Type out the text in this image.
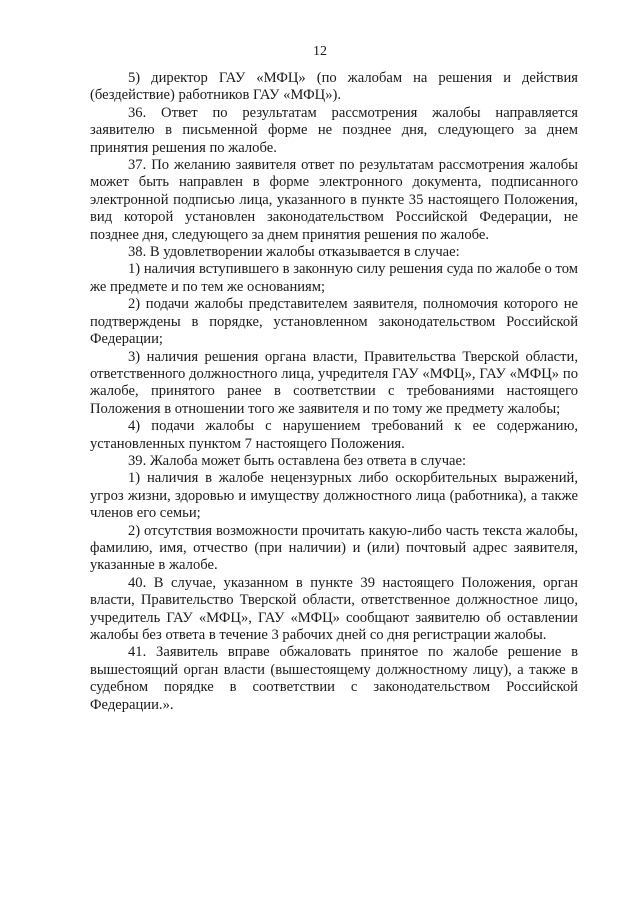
12

5) директор ГАУ «МФЦ» (по жалобам на решения и действия (бездействие) работников ГАУ «МФЦ»).

36. Ответ по результатам рассмотрения жалобы направляется заявителю в письменной форме не позднее дня, следующего за днем принятия решения по жалобе.

37. По желанию заявителя ответ по результатам рассмотрения жалобы может быть направлен в форме электронного документа, подписанного электронной подписью лица, указанного в пункте 35 настоящего Положения, вид которой установлен законодательством Российской Федерации, не позднее дня, следующего за днем принятия решения по жалобе.

38. В удовлетворении жалобы отказывается в случае:

1) наличия вступившего в законную силу решения суда по жалобе о том же предмете и по тем же основаниям;

2) подачи жалобы представителем заявителя, полномочия которого не подтверждены в порядке, установленном законодательством Российской Федерации;

3) наличия решения органа власти, Правительства Тверской области, ответственного должностного лица, учредителя ГАУ «МФЦ», ГАУ «МФЦ» по жалобе, принятого ранее в соответствии с требованиями настоящего Положения в отношении того же заявителя и по тому же предмету жалобы;

4) подачи жалобы с нарушением требований к ее содержанию, установленных пунктом 7 настоящего Положения.

39. Жалоба может быть оставлена без ответа в случае:

1) наличия в жалобе нецензурных либо оскорбительных выражений, угроз жизни, здоровью и имуществу должностного лица (работника), а также членов его семьи;

2) отсутствия возможности прочитать какую-либо часть текста жалобы, фамилию, имя, отчество (при наличии) и (или) почтовый адрес заявителя, указанные в жалобе.

40. В случае, указанном в пункте 39 настоящего Положения, орган власти, Правительство Тверской области, ответственное должностное лицо, учредитель ГАУ «МФЦ», ГАУ «МФЦ» сообщают заявителю об оставлении жалобы без ответа в течение 3 рабочих дней со дня регистрации жалобы.

41. Заявитель вправе обжаловать принятое по жалобе решение в вышестоящий орган власти (вышестоящему должностному лицу), а также в судебном порядке в соответствии с законодательством Российской Федерации.».
